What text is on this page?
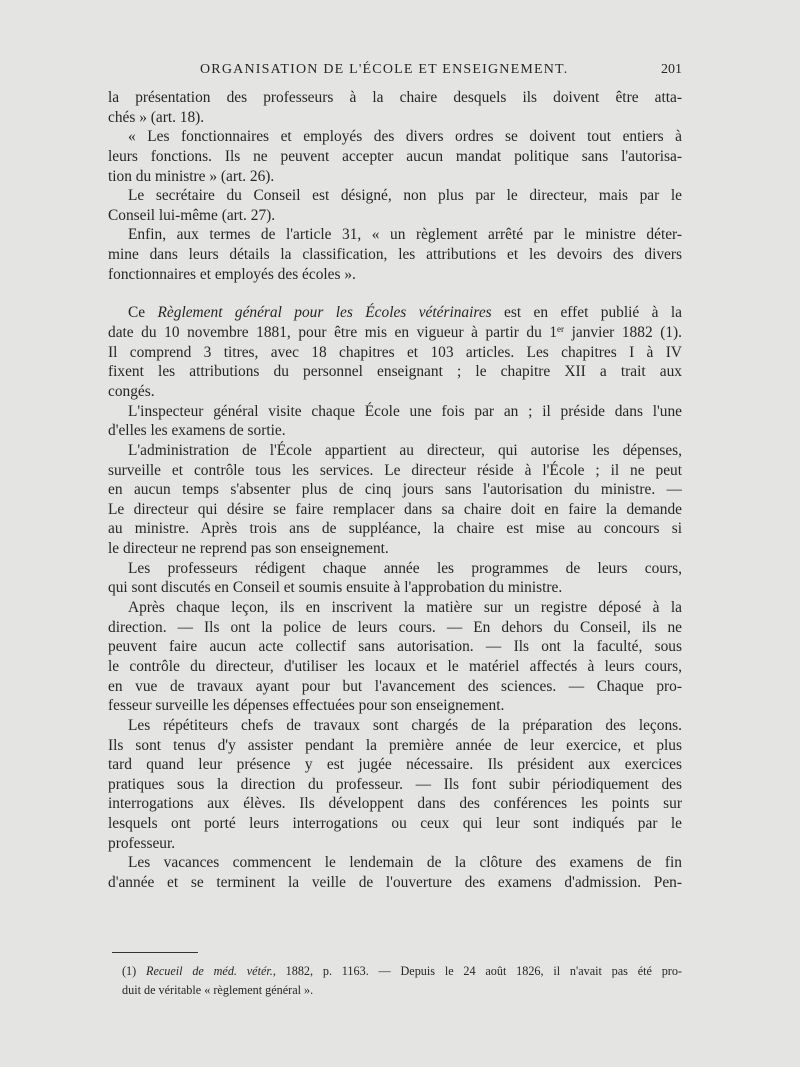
ORGANISATION DE L'ÉCOLE ET ENSEIGNEMENT.	201
la présentation des professeurs à la chaire desquels ils doivent être atta-
chés » (art. 18).
« Les fonctionnaires et employés des divers ordres se doivent tout entiers à
leurs fonctions. Ils ne peuvent accepter aucun mandat politique sans l'autorisa-
tion du ministre » (art. 26).
Le secrétaire du Conseil est désigné, non plus par le directeur, mais par le
Conseil lui-même (art. 27).
Enfin, aux termes de l'article 31, « un règlement arrêté par le ministre déter-
mine dans leurs détails la classification, les attributions et les devoirs des divers
fonctionnaires et employés des écoles ».
Ce Règlement général pour les Écoles vétérinaires est en effet publié à la
date du 10 novembre 1881, pour être mis en vigueur à partir du 1er janvier 1882 (1).
Il comprend 3 titres, avec 18 chapitres et 103 articles. Les chapitres I à IV
fixent les attributions du personnel enseignant ; le chapitre XII a trait aux
congés.
L'inspecteur général visite chaque École une fois par an ; il préside dans l'une
d'elles les examens de sortie.
L'administration de l'École appartient au directeur, qui autorise les dépenses,
surveille et contrôle tous les services. Le directeur réside à l'École ; il ne peut
en aucun temps s'absenter plus de cinq jours sans l'autorisation du ministre. —
Le directeur qui désire se faire remplacer dans sa chaire doit en faire la demande
au ministre. Après trois ans de suppléance, la chaire est mise au concours si
le directeur ne reprend pas son enseignement.
Les professeurs rédigent chaque année les programmes de leurs cours,
qui sont discutés en Conseil et soumis ensuite à l'approbation du ministre.
Après chaque leçon, ils en inscrivent la matière sur un registre déposé à la
direction. — Ils ont la police de leurs cours. — En dehors du Conseil, ils ne
peuvent faire aucun acte collectif sans autorisation. — Ils ont la faculté, sous
le contrôle du directeur, d'utiliser les locaux et le matériel affectés à leurs cours,
en vue de travaux ayant pour but l'avancement des sciences. — Chaque pro-
fesseur surveille les dépenses effectuées pour son enseignement.
Les répétiteurs chefs de travaux sont chargés de la préparation des leçons.
Ils sont tenus d'y assister pendant la première année de leur exercice, et plus
tard quand leur présence y est jugée nécessaire. Ils président aux exercices
pratiques sous la direction du professeur. — Ils font subir périodiquement des
interrogations aux élèves. Ils développent dans des conférences les points sur
lesquels ont porté leurs interrogations ou ceux qui leur sont indiqués par le
professeur.
Les vacances commencent le lendemain de la clôture des examens de fin
d'année et se terminent la veille de l'ouverture des examens d'admission. Pen-
(1) Recueil de méd. vétér., 1882, p. 1163. — Depuis le 24 août 1826, il n'avait pas été pro-
duit de véritable « règlement général ».
